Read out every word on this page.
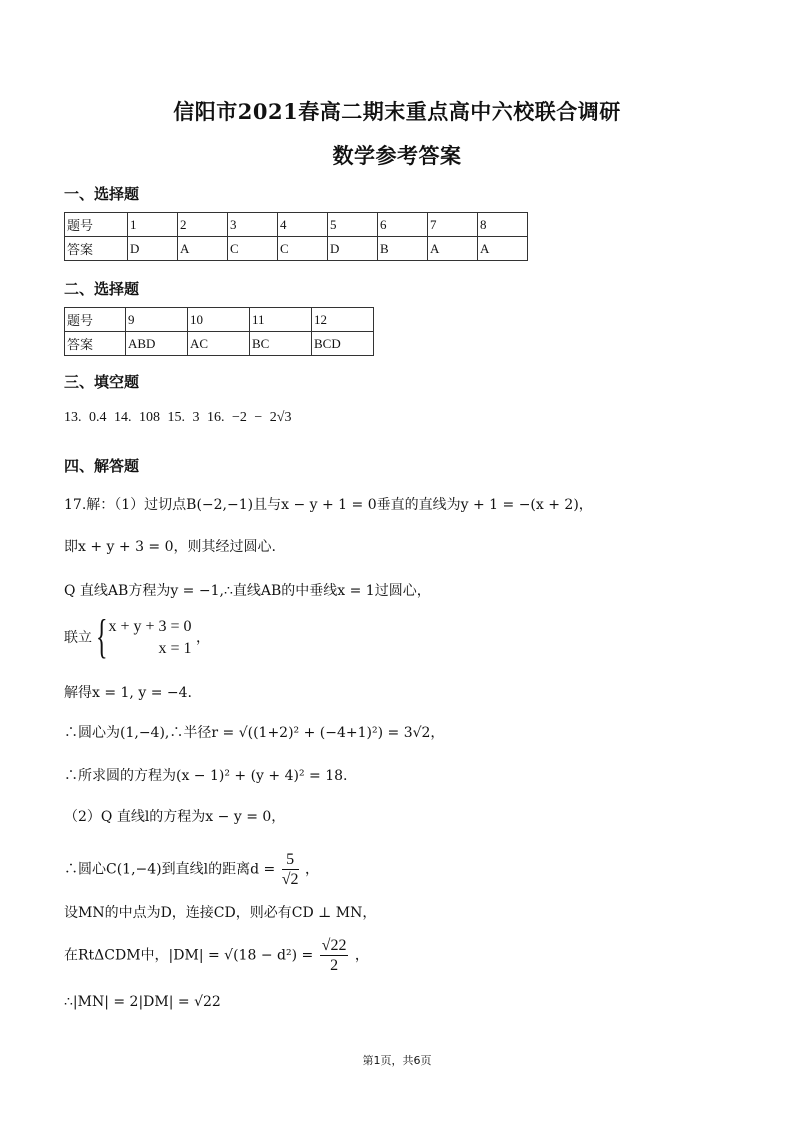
信阳市2021春高二期末重点高中六校联合调研
数学参考答案
一、选择题
题号	1	2	3	4	5	6	7	8
答案	D	A	C	C	D	B	A	A
二、选择题
题号	9	10	11	12
答案	ABD	AC	BC	BCD
三、填空题
13. 0.4 14. 108 15. 3 16. −2 − 2√3
四、解答题
17.解：（1）过切点B(−2,−1)且与x − y + 1 = 0垂直的直线为y + 1 = −(x + 2)，
即x + y + 3 = 0，则其经过圆心.
Q 直线AB方程为y = −1,∴直线AB的中垂线x = 1过圆心，
联立 { x + y + 3 = 0
x = 1
，
解得x = 1, y = −4.
∴圆心为(1,−4),∴半径r = √((1+2)² + (−4+1)²) = 3√2，
∴所求圆的方程为(x − 1)² + (y + 4)² = 18.
（2）Q 直线l的方程为x − y = 0，
∴圆心C(1,−4)到直线l的距离$d = \frac{5}{√2}$ ，
设MN的中点为D，连接CD，则必有CD ⊥ MN，
在RtΔCDM中，$|DM| = √(18 - d^2) = \frac{√22}{2}$ ，
∴|MN| = 2|DM| = √22
第1页，共6页
